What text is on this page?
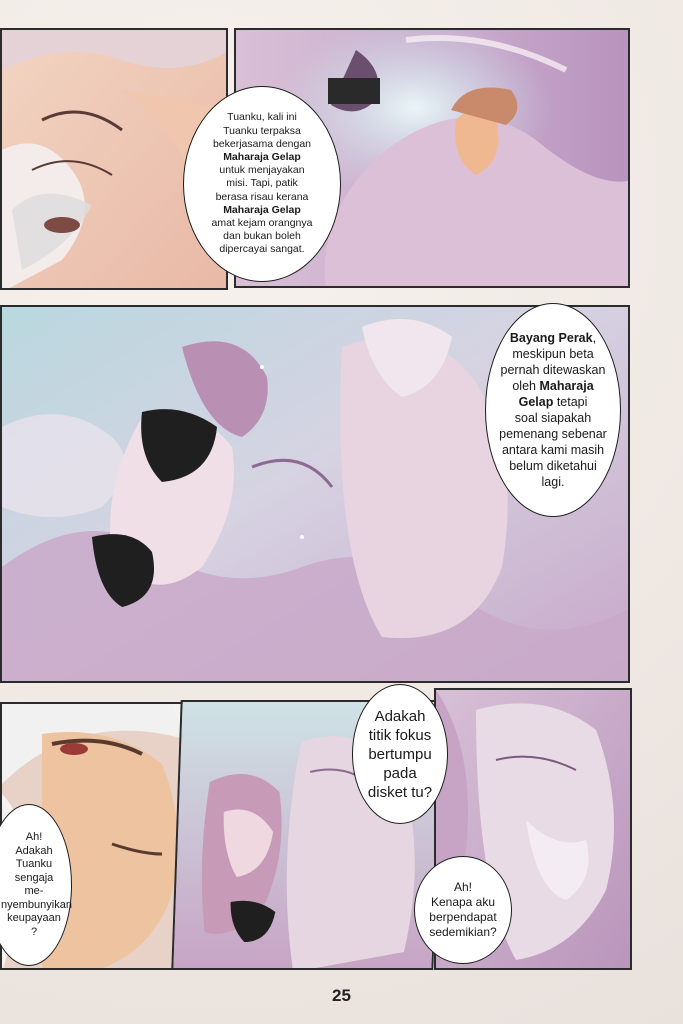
Tuanku, kali ini
Tuanku terpaksa
bekerjasama dengan
Maharaja Gelap
untuk menjayakan
misi. Tapi, patik
berasa risau kerana
Maharaja Gelap
amat kejam orangnya
dan bukan boleh
dipercayai sangat.
Bayang Perak,
meskipun beta
pernah ditewaskan
oleh Maharaja
Gelap tetapi
soal siapakah
pemenang sebenar
antara kami masih
belum diketahui
lagi.
Adakah
titik fokus
bertumpu
pada
disket tu?
Ah!
Adakah
Tuanku
sengaja
me-
nyembunyikan
keupayaan
?
Ah!
Kenapa aku
berpendapat
sedemikian?
25
